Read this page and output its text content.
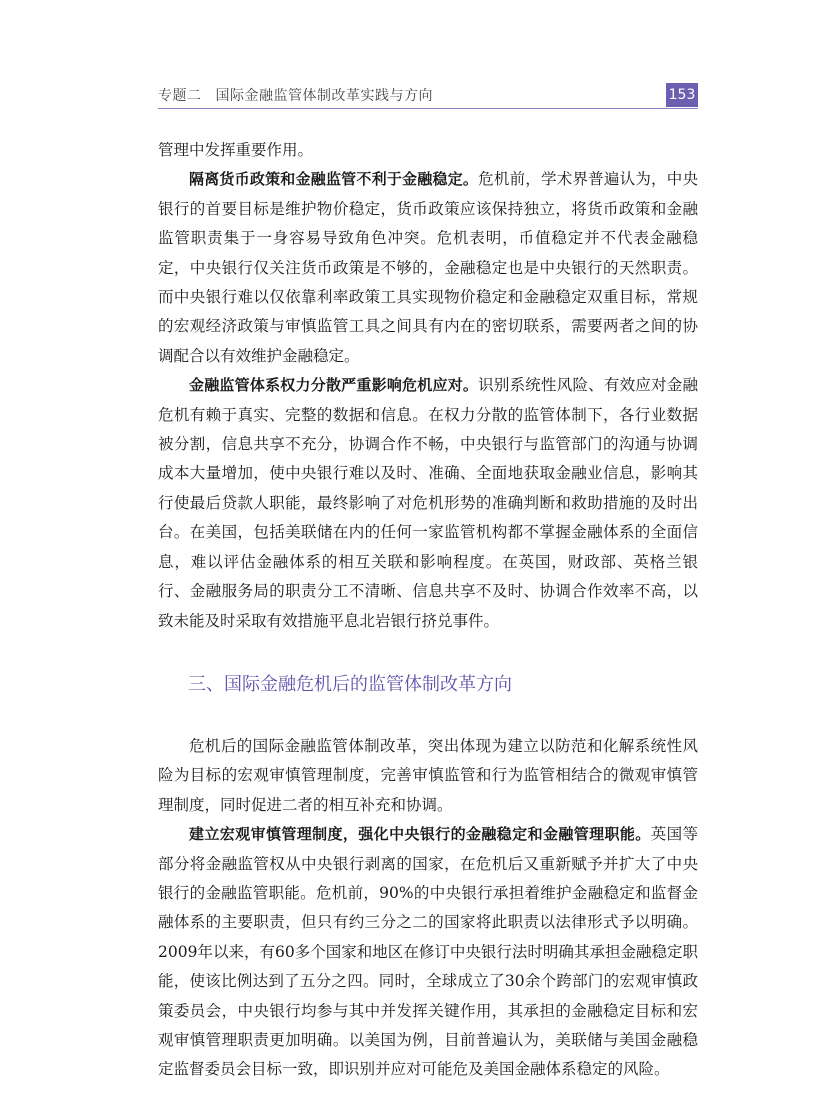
专题二 国际金融监管体制改革实践与方向	153

管理中发挥重要作用。

隔离货币政策和金融监管不利于金融稳定。危机前，学术界普遍认为，中央银行的首要目标是维护物价稳定，货币政策应该保持独立，将货币政策和金融监管职责集于一身容易导致角色冲突。危机表明，币值稳定并不代表金融稳定，中央银行仅关注货币政策是不够的，金融稳定也是中央银行的天然职责。而中央银行难以仅依靠利率政策工具实现物价稳定和金融稳定双重目标，常规的宏观经济政策与审慎监管工具之间具有内在的密切联系，需要两者之间的协调配合以有效维护金融稳定。

金融监管体系权力分散严重影响危机应对。识别系统性风险、有效应对金融危机有赖于真实、完整的数据和信息。在权力分散的监管体制下，各行业数据被分割，信息共享不充分，协调合作不畅，中央银行与监管部门的沟通与协调成本大量增加，使中央银行难以及时、准确、全面地获取金融业信息，影响其行使最后贷款人职能，最终影响了对危机形势的准确判断和救助措施的及时出台。在美国，包括美联储在内的任何一家监管机构都不掌握金融体系的全面信息，难以评估金融体系的相互关联和影响程度。在英国，财政部、英格兰银行、金融服务局的职责分工不清晰、信息共享不及时、协调合作效率不高，以致未能及时采取有效措施平息北岩银行挤兑事件。

三、国际金融危机后的监管体制改革方向

危机后的国际金融监管体制改革，突出体现为建立以防范和化解系统性风险为目标的宏观审慎管理制度，完善审慎监管和行为监管相结合的微观审慎管理制度，同时促进二者的相互补充和协调。

建立宏观审慎管理制度，强化中央银行的金融稳定和金融管理职能。英国等部分将金融监管权从中央银行剥离的国家，在危机后又重新赋予并扩大了中央银行的金融监管职能。危机前，90%的中央银行承担着维护金融稳定和监督金融体系的主要职责，但只有约三分之二的国家将此职责以法律形式予以明确。2009年以来，有60多个国家和地区在修订中央银行法时明确其承担金融稳定职能，使该比例达到了五分之四。同时，全球成立了30余个跨部门的宏观审慎政策委员会，中央银行均参与其中并发挥关键作用，其承担的金融稳定目标和宏观审慎管理职责更加明确。以美国为例，目前普遍认为，美联储与美国金融稳定监督委员会目标一致，即识别并应对可能危及美国金融体系稳定的风险。
